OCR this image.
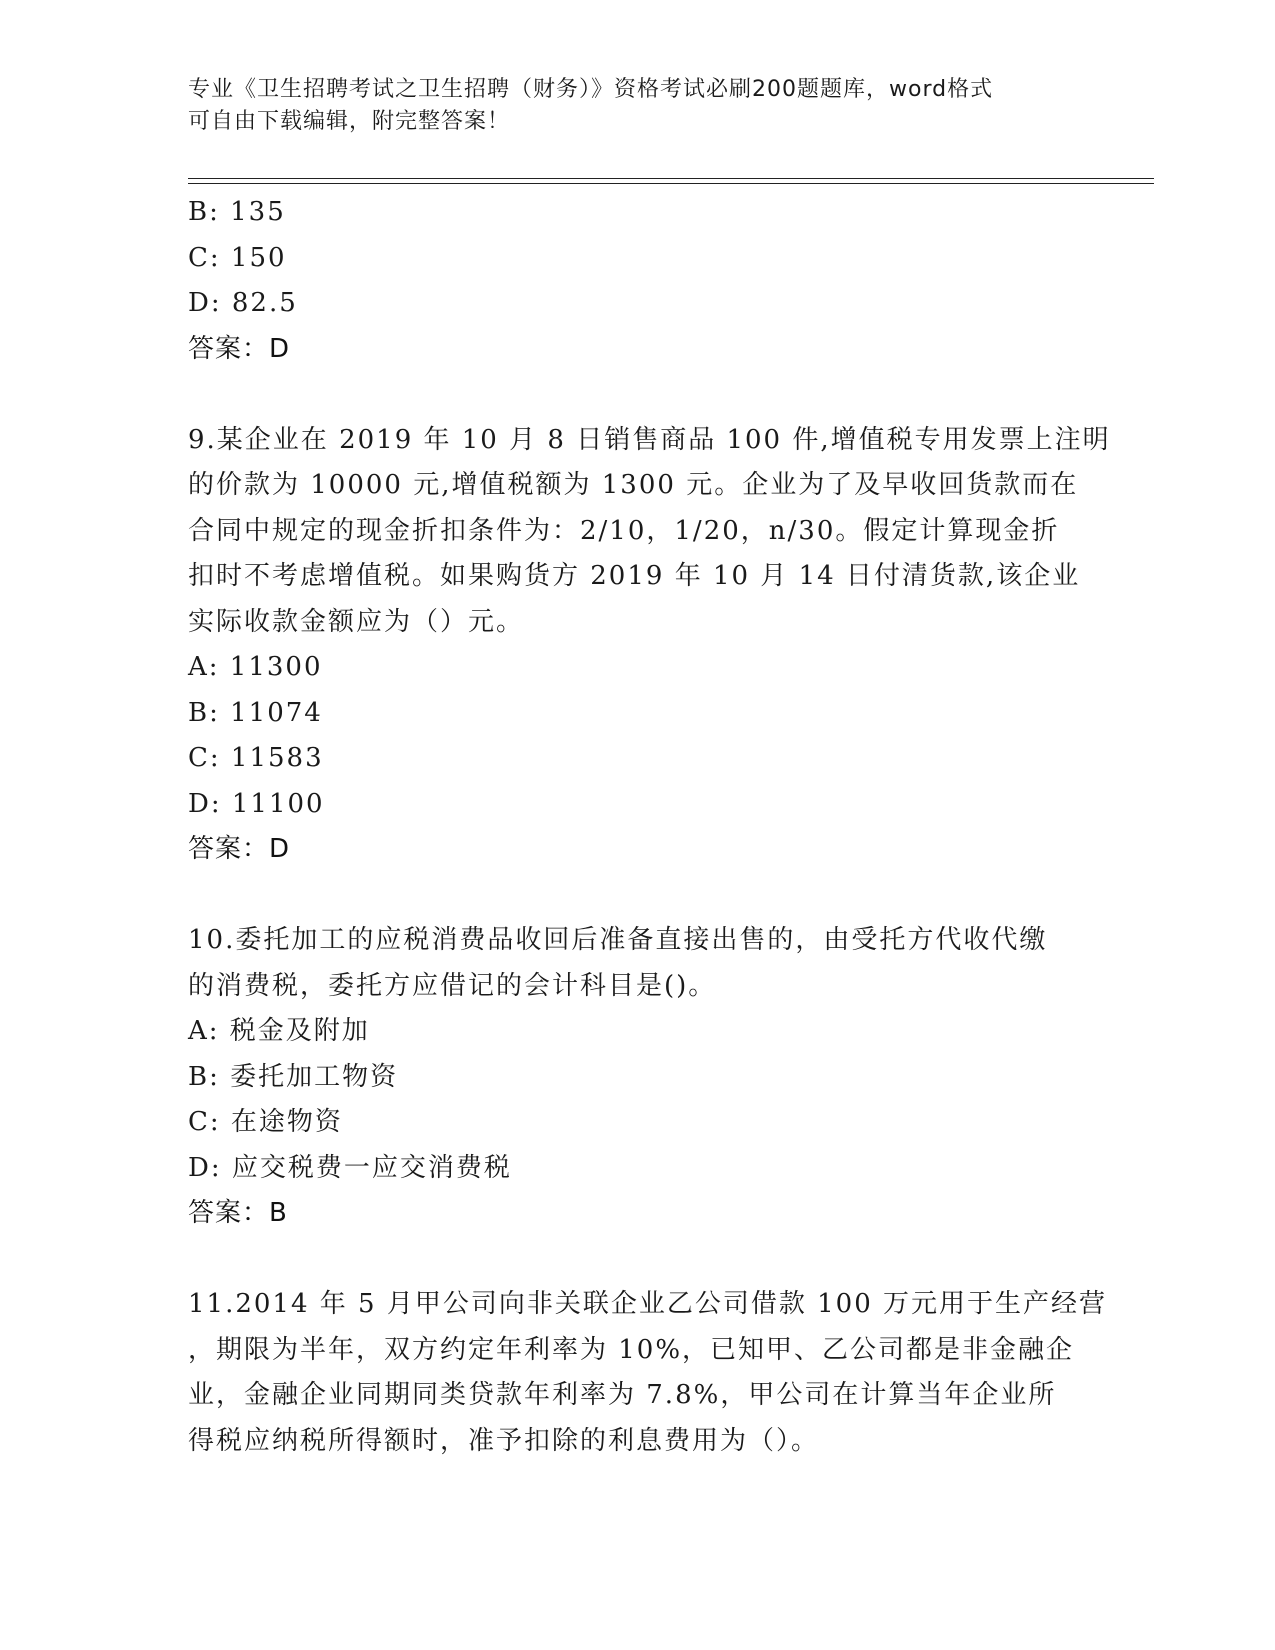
专业《卫生招聘考试之卫生招聘（财务）》资格考试必刷200题题库，word格式
可自由下载编辑，附完整答案！
B: 135
C: 150
D: 82.5
答案：D
9.某企业在 2019 年 10 月 8 日销售商品 100 件,增值税专用发票上注明
的价款为 10000 元,增值税额为 1300 元。企业为了及早收回货款而在
合同中规定的现金折扣条件为：2/10，1/20，n/30。假定计算现金折
扣时不考虑增值税。如果购货方 2019 年 10 月 14 日付清货款,该企业
实际收款金额应为（）元。
A: 11300
B: 11074
C: 11583
D: 11100
答案：D
10.委托加工的应税消费品收回后准备直接出售的，由受托方代收代缴
的消费税，委托方应借记的会计科目是()。
A: 税金及附加
B: 委托加工物资
C: 在途物资
D: 应交税费一应交消费税
答案：B
11.2014 年 5 月甲公司向非关联企业乙公司借款 100 万元用于生产经营
，期限为半年，双方约定年利率为 10%，已知甲、乙公司都是非金融企
业，金融企业同期同类贷款年利率为 7.8%，甲公司在计算当年企业所
得税应纳税所得额时，准予扣除的利息费用为（）。
